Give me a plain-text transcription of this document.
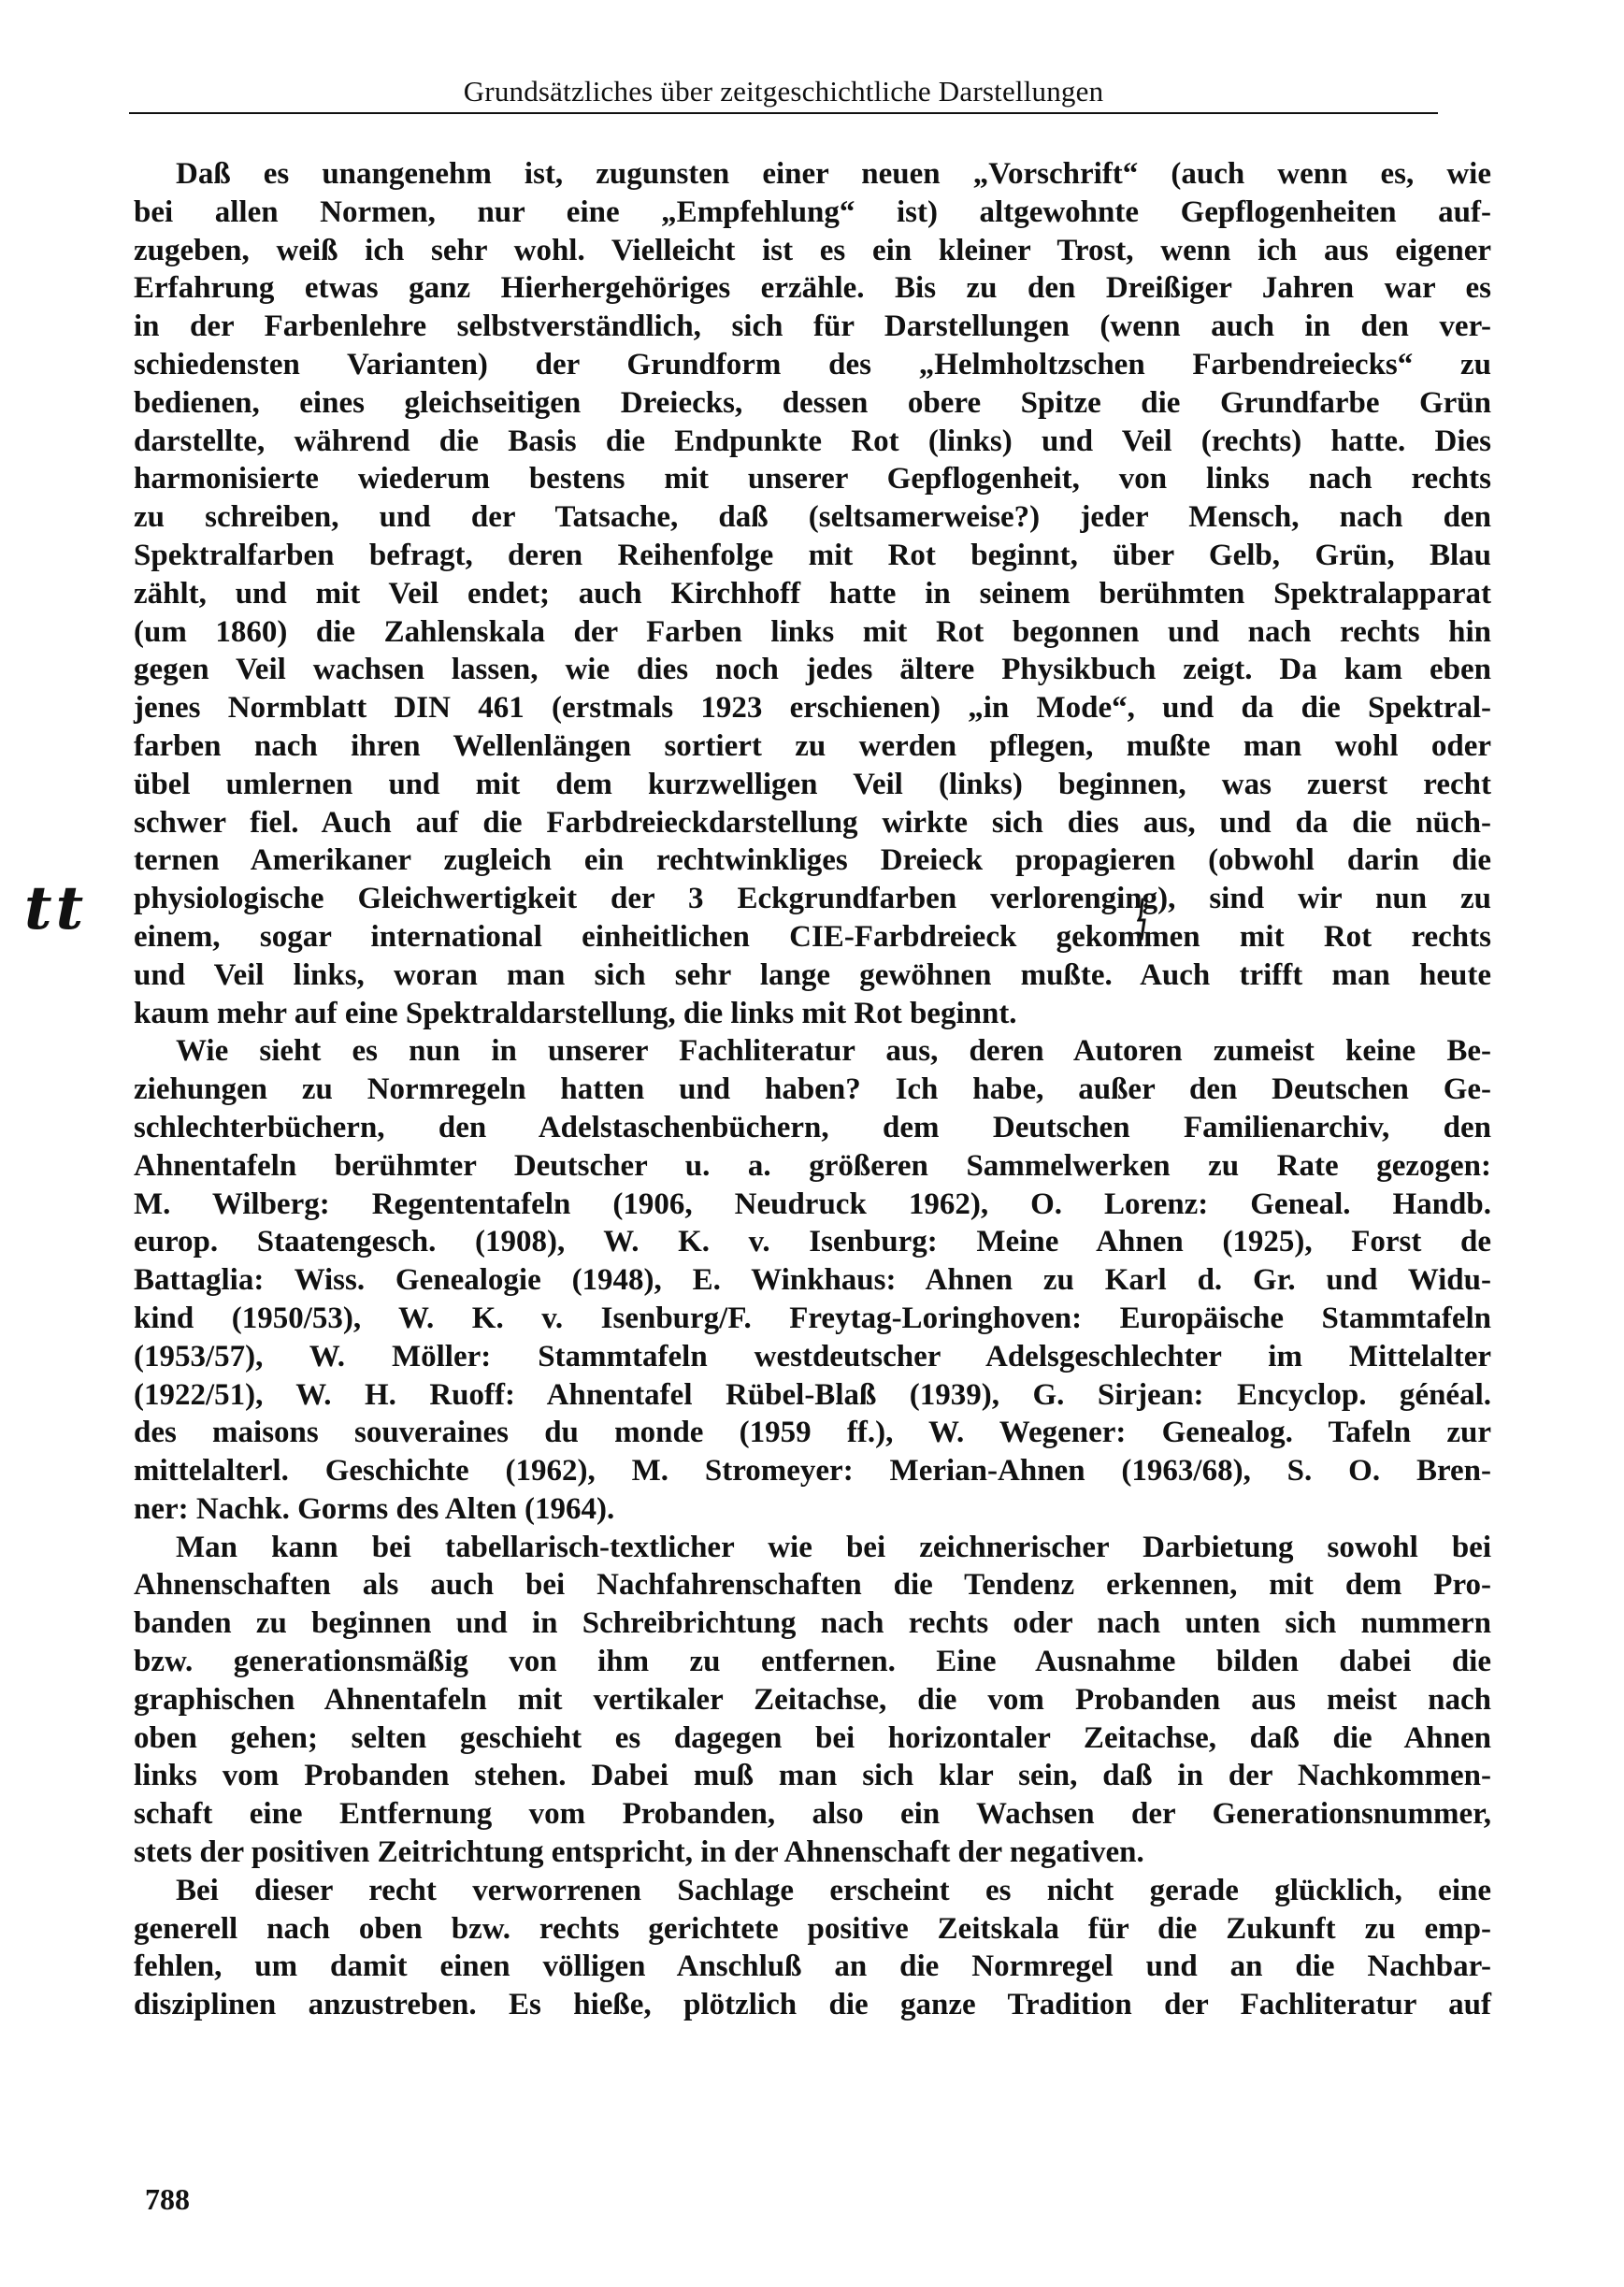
Grundsätzliches über zeitgeschichtliche Darstellungen
tt
Daß es unangenehm ist, zugunsten einer neuen „Vorschrift“ (auch wenn es, wie
bei allen Normen, nur eine „Empfehlung“ ist) altgewohnte Gepflogenheiten auf-
zugeben, weiß ich sehr wohl. Vielleicht ist es ein kleiner Trost, wenn ich aus eigener
Erfahrung etwas ganz Hierhergehöriges erzähle. Bis zu den Dreißiger Jahren war es
in der Farbenlehre selbstverständlich, sich für Darstellungen (wenn auch in den ver-
schiedensten Varianten) der Grundform des „Helmholtzschen Farbendreiecks“ zu
bedienen, eines gleichseitigen Dreiecks, dessen obere Spitze die Grundfarbe Grün
darstellte, während die Basis die Endpunkte Rot (links) und Veil (rechts) hatte. Dies
harmonisierte wiederum bestens mit unserer Gepflogenheit, von links nach rechts
zu schreiben, und der Tatsache, daß (seltsamerweise?) jeder Mensch, nach den
Spektralfarben befragt, deren Reihenfolge mit Rot beginnt, über Gelb, Grün, Blau
zählt, und mit Veil endet; auch Kirchhoff hatte in seinem berühmten Spektralapparat
(um 1860) die Zahlenskala der Farben links mit Rot begonnen und nach rechts hin
gegen Veil wachsen lassen, wie dies noch jedes ältere Physikbuch zeigt. Da kam eben
jenes Normblatt DIN 461 (erstmals 1923 erschienen) „in Mode“, und da die Spektral-
farben nach ihren Wellenlängen sortiert zu werden pflegen, mußte man wohl oder
übel umlernen und mit dem kurzwelligen Veil (links) beginnen, was zuerst recht
schwer fiel. Auch auf die Farbdreieckdarstellung wirkte sich dies aus, und da die nüch-
ternen Amerikaner zugleich ein rechtwinkliges Dreieck propagieren (obwohl darin die
physiologische Gleichwertigkeit der 3 Eckgrundfarben verlorenging), sind wir nun zu
einem, sogar international einheitlichen CIE-Farbdreieck gekommen mit Rot rechts
und Veil links, woran man sich sehr lange gewöhnen mußte. Auch trifft man heute
kaum mehr auf eine Spektraldarstellung, die links mit Rot beginnt.
Wie sieht es nun in unserer Fachliteratur aus, deren Autoren zumeist keine Be-
ziehungen zu Normregeln hatten und haben? Ich habe, außer den Deutschen Ge-
schlechterbüchern, den Adelstaschenbüchern, dem Deutschen Familienarchiv, den
Ahnentafeln berühmter Deutscher u. a. größeren Sammelwerken zu Rate gezogen:
M. Wilberg: Regententafeln (1906, Neudruck 1962), O. Lorenz: Geneal. Handb.
europ. Staatengesch. (1908), W. K. v. Isenburg: Meine Ahnen (1925), Forst de
Battaglia: Wiss. Genealogie (1948), E. Winkhaus: Ahnen zu Karl d. Gr. und Widu-
kind (1950/53), W. K. v. Isenburg/F. Freytag-Loringhoven: Europäische Stammtafeln
(1953/57), W. Möller: Stammtafeln westdeutscher Adelsgeschlechter im Mittelalter
(1922/51), W. H. Ruoff: Ahnentafel Rübel-Blaß (1939), G. Sirjean: Encyclop. généal.
des maisons souveraines du monde (1959 ff.), W. Wegener: Genealog. Tafeln zur
mittelalterl. Geschichte (1962), M. Stromeyer: Merian-Ahnen (1963/68), S. O. Bren-
ner: Nachk. Gorms des Alten (1964).
Man kann bei tabellarisch-textlicher wie bei zeichnerischer Darbietung sowohl bei
Ahnenschaften als auch bei Nachfahrenschaften die Tendenz erkennen, mit dem Pro-
banden zu beginnen und in Schreibrichtung nach rechts oder nach unten sich nummern
bzw. generationsmäßig von ihm zu entfernen. Eine Ausnahme bilden dabei die
graphischen Ahnentafeln mit vertikaler Zeitachse, die vom Probanden aus meist nach
oben gehen; selten geschieht es dagegen bei horizontaler Zeitachse, daß die Ahnen
links vom Probanden stehen. Dabei muß man sich klar sein, daß in der Nachkommen-
schaft eine Entfernung vom Probanden, also ein Wachsen der Generationsnummer,
stets der positiven Zeitrichtung entspricht, in der Ahnenschaft der negativen.
Bei dieser recht verworrenen Sachlage erscheint es nicht gerade glücklich, eine
generell nach oben bzw. rechts gerichtete positive Zeitskala für die Zukunft zu emp-
fehlen, um damit einen völligen Anschluß an die Normregel und an die Nachbar-
disziplinen anzustreben. Es hieße, plötzlich die ganze Tradition der Fachliteratur auf
788
